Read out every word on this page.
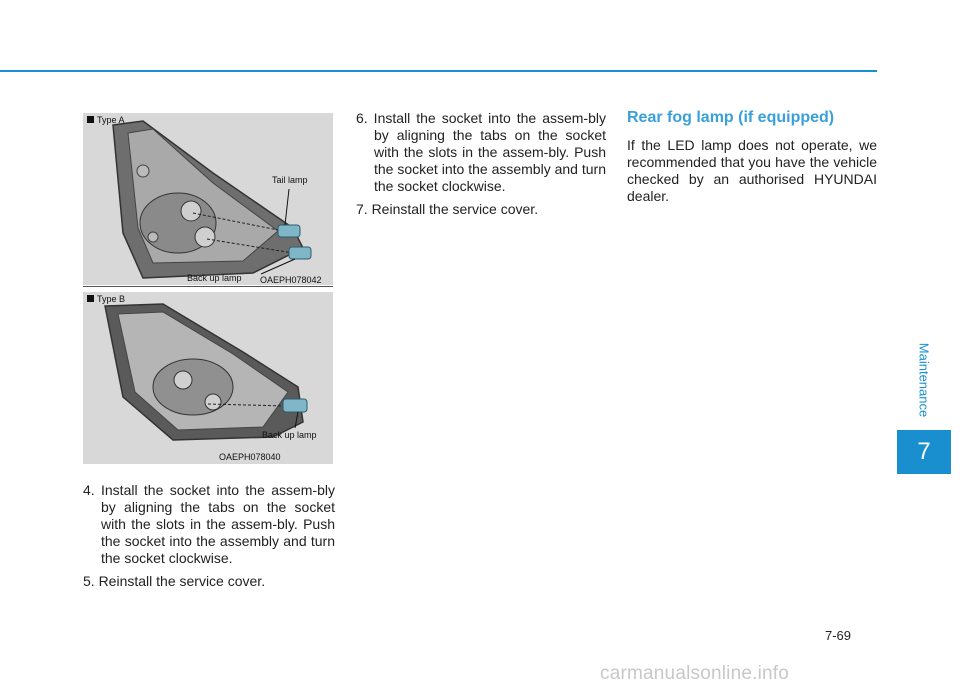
Type A
Tail lamp
Back up lamp OAEPH078042
Type B
Back up lamp
OAEPH078040
4. Install the socket into the assem-bly by aligning the tabs on the socket with the slots in the assem-bly. Push the socket into the assembly and turn the socket clockwise.
5. Reinstall the service cover.
6. Install the socket into the assem-bly by aligning the tabs on the socket with the slots in the assem-bly. Push the socket into the assembly and turn the socket clockwise.
7. Reinstall the service cover.
Rear fog lamp (if equipped)

If the LED lamp does not operate, we recommended that you have the vehicle checked by an authorised HYUNDAI dealer.

Maintenance
7
7-69
carmanualsonline.info
